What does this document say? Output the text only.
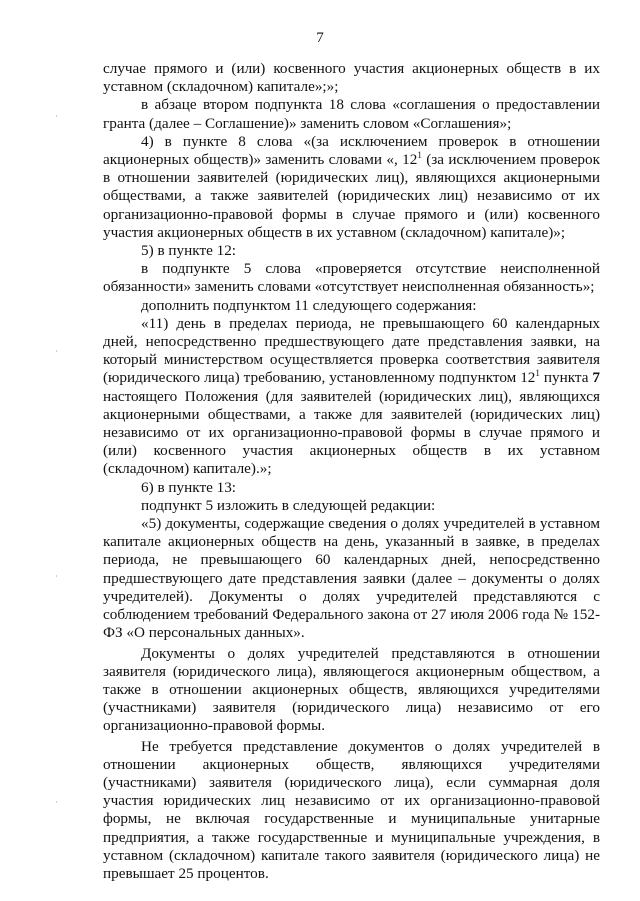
7
·
·
·
·

случае прямого и (или) косвенного участия акционерных обществ в их уставном (складочном) капитале»;»;

в абзаце втором подпункта 18 слова «соглашения о предоставлении гранта (далее – Соглашение)» заменить словом «Соглашения»;

4) в пункте 8 слова «(за исключением проверок в отношении акционерных обществ)» заменить словами «, $12^1$ (за исключением проверок в отношении заявителей (юридических лиц), являющихся акционерными обществами, а также заявителей (юридических лиц) независимо от их организационно-правовой формы в случае прямого и (или) косвенного участия акционерных обществ в их уставном (складочном) капитале)»;

5) в пункте 12:

в подпункте 5 слова «проверяется отсутствие неисполненной обязанности» заменить словами «отсутствует неисполненная обязанность»;

дополнить подпунктом 11 следующего содержания:

«11) день в пределах периода, не превышающего 60 календарных дней, непосредственно предшествующего дате представления заявки, на который министерством осуществляется проверка соответствия заявителя (юридического лица) требованию, установленному подпунктом $12^1$ пункта 7 настоящего Положения (для заявителей (юридических лиц), являющихся акционерными обществами, а также для заявителей (юридических лиц) независимо от их организационно-правовой формы в случае прямого и (или) косвенного участия акционерных обществ в их уставном (складочном) капитале).»;

6) в пункте 13:

подпункт 5 изложить в следующей редакции:

«5) документы, содержащие сведения о долях учредителей в уставном капитале акционерных обществ на день, указанный в заявке, в пределах периода, не превышающего 60 календарных дней, непосредственно предшествующего дате представления заявки (далее – документы о долях учредителей). Документы о долях учредителей представляются с соблюдением требований Федерального закона от 27 июля 2006 года № 152-ФЗ «О персональных данных».

Документы о долях учредителей представляются в отношении заявителя (юридического лица), являющегося акционерным обществом, а также в отношении акционерных обществ, являющихся учредителями (участниками) заявителя (юридического лица) независимо от его организационно-правовой формы.

Не требуется представление документов о долях учредителей в отношении акционерных обществ, являющихся учредителями (участниками) заявителя (юридического лица), если суммарная доля участия юридических лиц независимо от их организационно-правовой формы, не включая государственные и муниципальные унитарные предприятия, а также государственные и муниципальные учреждения, в уставном (складочном) капитале такого заявителя (юридического лица) не превышает 25 процентов.
